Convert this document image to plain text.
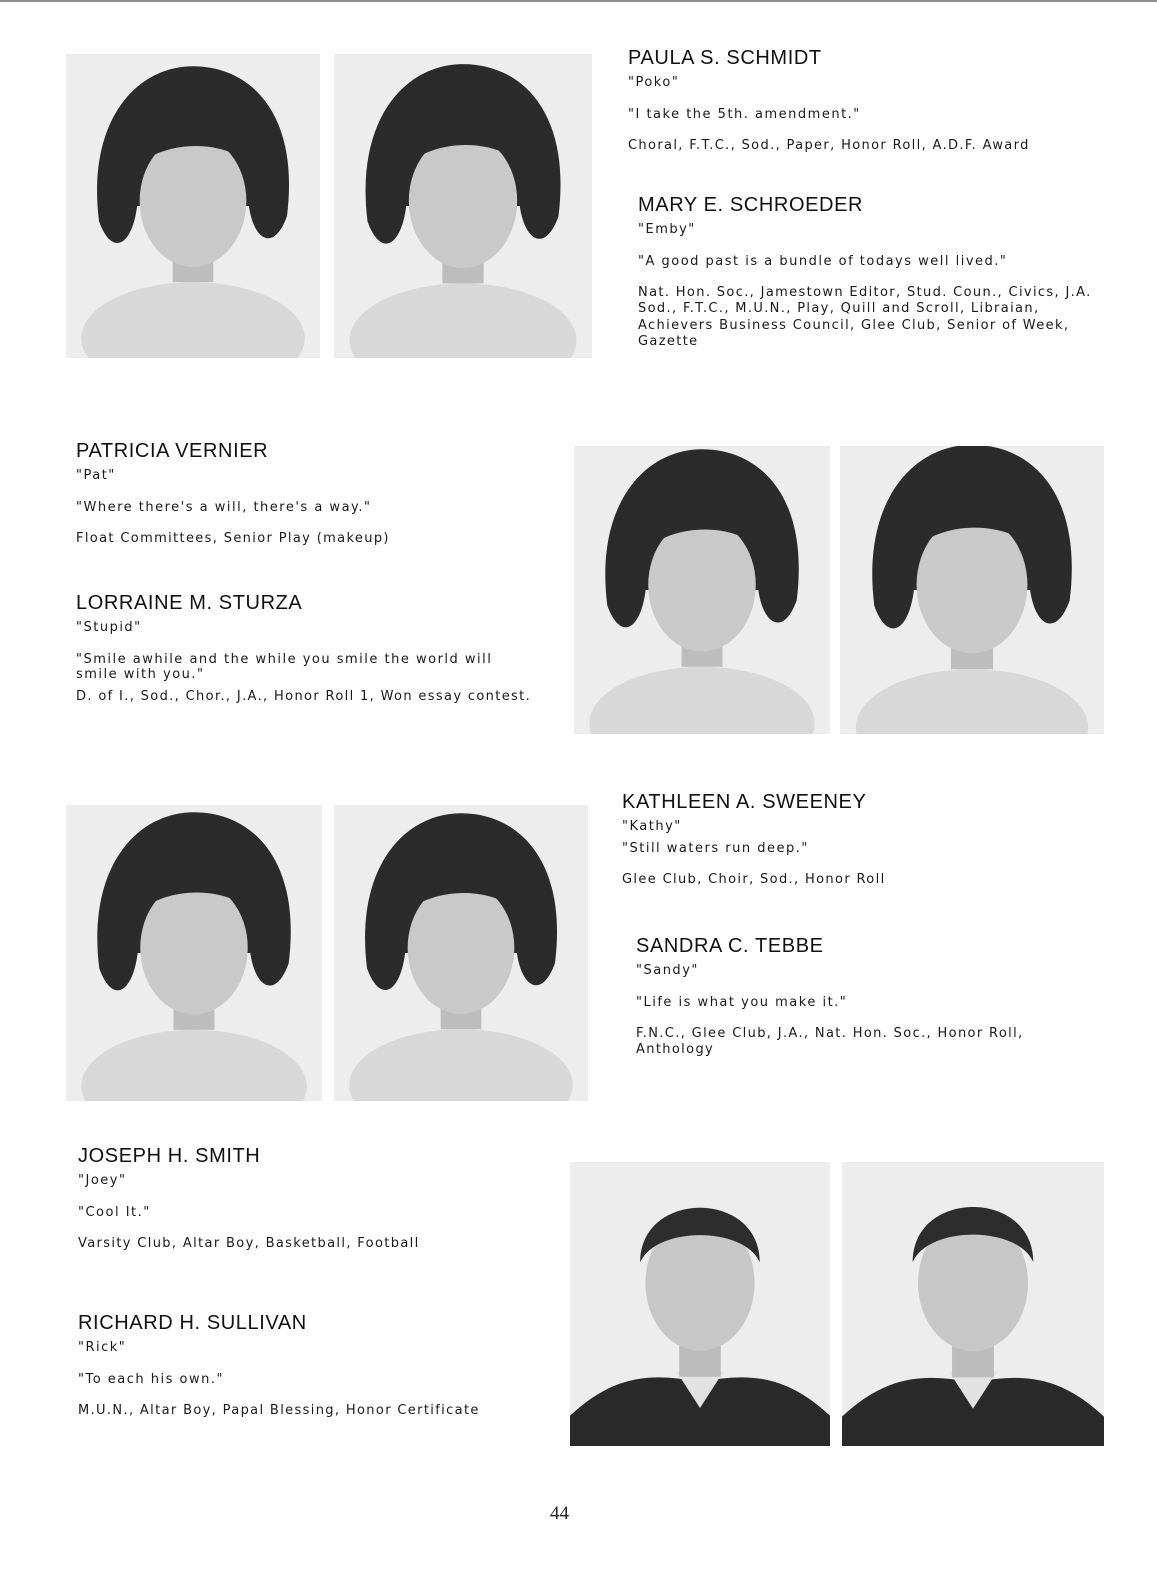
PAULA S. SCHMIDT
"Poko"
"I take the 5th. amendment."
Choral, F.T.C., Sod., Paper, Honor Roll, A.D.F. Award
MARY E. SCHROEDER
"Emby"
"A good past is a bundle of todays well lived."
Nat. Hon. Soc., Jamestown Editor, Stud. Coun., Civics, J.A. Sod., F.T.C., M.U.N., Play, Quill and Scroll, Libraian, Achievers Business Council, Glee Club, Senior of Week, Gazette
PATRICIA VERNIER
"Pat"
"Where there's a will, there's a way."
Float Committees, Senior Play (makeup)
LORRAINE M. STURZA
"Stupid"
"Smile awhile and the while you smile the world will smile with you."
D. of I., Sod., Chor., J.A., Honor Roll 1, Won essay contest.
KATHLEEN A. SWEENEY
"Kathy"
"Still waters run deep."
Glee Club, Choir, Sod., Honor Roll
SANDRA C. TEBBE
"Sandy"
"Life is what you make it."
F.N.C., Glee Club, J.A., Nat. Hon. Soc., Honor Roll, Anthology
JOSEPH H. SMITH
"Joey"
"Cool It."
Varsity Club, Altar Boy, Basketball, Football
RICHARD H. SULLIVAN
"Rick"
"To each his own."
M.U.N., Altar Boy, Papal Blessing, Honor Certificate
44
